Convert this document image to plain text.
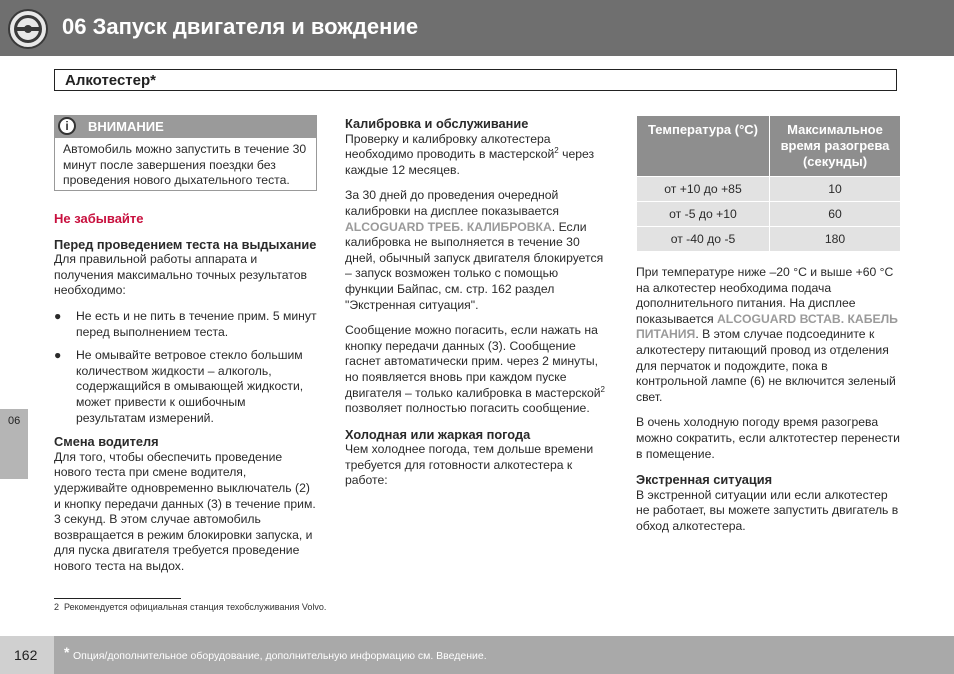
06 Запуск двигателя и вождение
Алкотестер*
i	ВНИМАНИЕ
Автомобиль можно запустить в течение 30 минут после завершения поездки без проведения нового дыхательного теста.

Не забывайте

Перед проведением теста на выдыхание

Для правильной работы аппарата и получения максимально точных результатов необходимо:

● Не есть и не пить в течение прим. 5 минут перед выполнением теста.
● Не омывайте ветровое стекло большим количеством жидкости – алкоголь, содержащийся в омывающей жидкости, может привести к ошибочным результатам измерений.
Смена водителя

Для того, чтобы обеспечить проведение нового теста при смене водителя, удерживайте одновременно выключатель (2) и кнопку передачи данных (3) в течение прим. 3 секунд. В этом случае автомобиль возвращается в режим блокировки запуска, и для пуска двигателя требуется проведение нового теста на выдох.

Калибровка и обслуживание

Проверку и калибровку алкотестера необходимо проводить в мастерской$^2$ через каждые 12 месяцев.

За 30 дней до проведения очередной калибровки на дисплее показывается ALCOGUARD ТРЕБ. КАЛИБРОВКА. Если калибровка не выполняется в течение 30 дней, обычный запуск двигателя блокируется – запуск возможен только с помощью функции Байпас, см. стр. 162 раздел "Экстренная ситуация".

Сообщение можно погасить, если нажать на кнопку передачи данных (3). Сообщение гаснет автоматически прим. через 2 минуты, но появляется вновь при каждом пуске двигателя – только калибровка в мастерской$^2$ позволяет полностью погасить сообщение.

Холодная или жаркая погода

Чем холоднее погода, тем дольше времени требуется для готовности алкотестера к работе:

Температура (°C)	Максимальное время разогрева (секунды)
от +10 до +85	10
от -5 до +10	60
от -40 до -5	180

При температуре ниже –20 °C и выше +60 °C на алкотестер необходима подача дополнительного питания. На дисплее показывается ALCOGUARD ВСТАВ. КАБЕЛЬ ПИТАНИЯ. В этом случае подсоедините к алкотестеру питающий провод из отделения для перчаток и подождите, пока в контрольной лампе (6) не включится зеленый свет.

В очень холодную погоду время разогрева можно сократить, если алктотестер перенести в помещение.

Экстренная ситуация

В экстренной ситуации или если алкотестер не работает, вы можете запустить двигатель в обход алкотестера.

06
2 Рекомендуется официальная станция техобслуживания Volvo.
162 * Опция/дополнительное оборудование, дополнительную информацию см. Введение.
